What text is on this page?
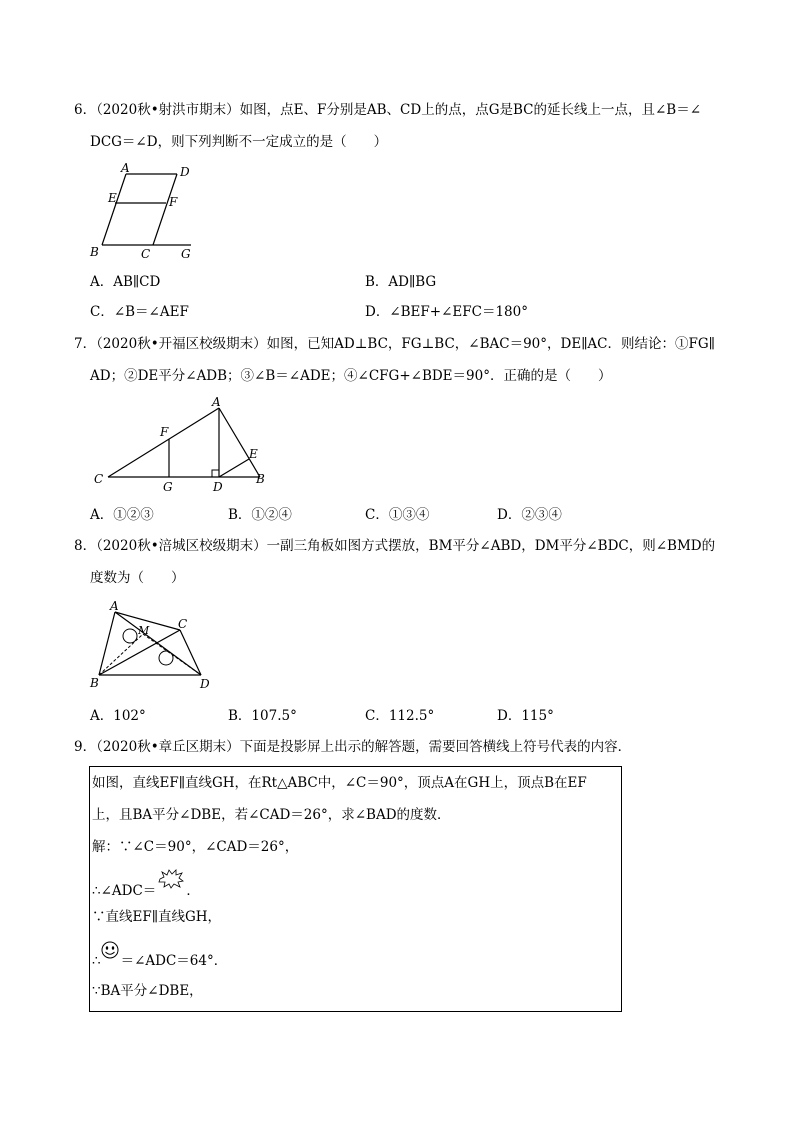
6．（2020秋•射洪市期末）如图，点E、F分别是AB、CD上的点，点G是BC的延长线上一点，且∠B＝∠
DCG＝∠D，则下列判断不一定成立的是（　　）
A	D
E	F
B	C	G
A．AB∥CD	B．AD∥BG
C．∠B＝∠AEF	D．∠BEF+∠EFC＝180°
7．（2020秋•开福区校级期末）如图，已知AD⊥BC，FG⊥BC，∠BAC＝90°，DE∥AC．则结论：①FG∥
AD；②DE平分∠ADB；③∠B＝∠ADE；④∠CFG+∠BDE＝90°．正确的是（　　）
A
F
E
C
G	D
B
A．①②③	B．①②④	C．①③④	D．②③④
8．（2020秋•涪城区校级期末）一副三角板如图方式摆放，BM平分∠ABD，DM平分∠BDC，则∠BMD的
度数为（　　）
A
M C
B	D
A．102°	B．107.5°	C．112.5°	D．115°
9．（2020秋•章丘区期末）下面是投影屏上出示的解答题，需要回答横线上符号代表的内容．
如图，直线EF∥直线GH，在Rt△ABC中，∠C＝90°，顶点A在GH上，顶点B在EF
上，且BA平分∠DBE，若∠CAD＝26°，求∠BAD的度数．
解：∵∠C＝90°，∠CAD＝26°，
∴∠ADC＝ ．
∵直线EF∥直线GH，
∴ ＝∠ADC＝64°．
∵BA平分∠DBE，
